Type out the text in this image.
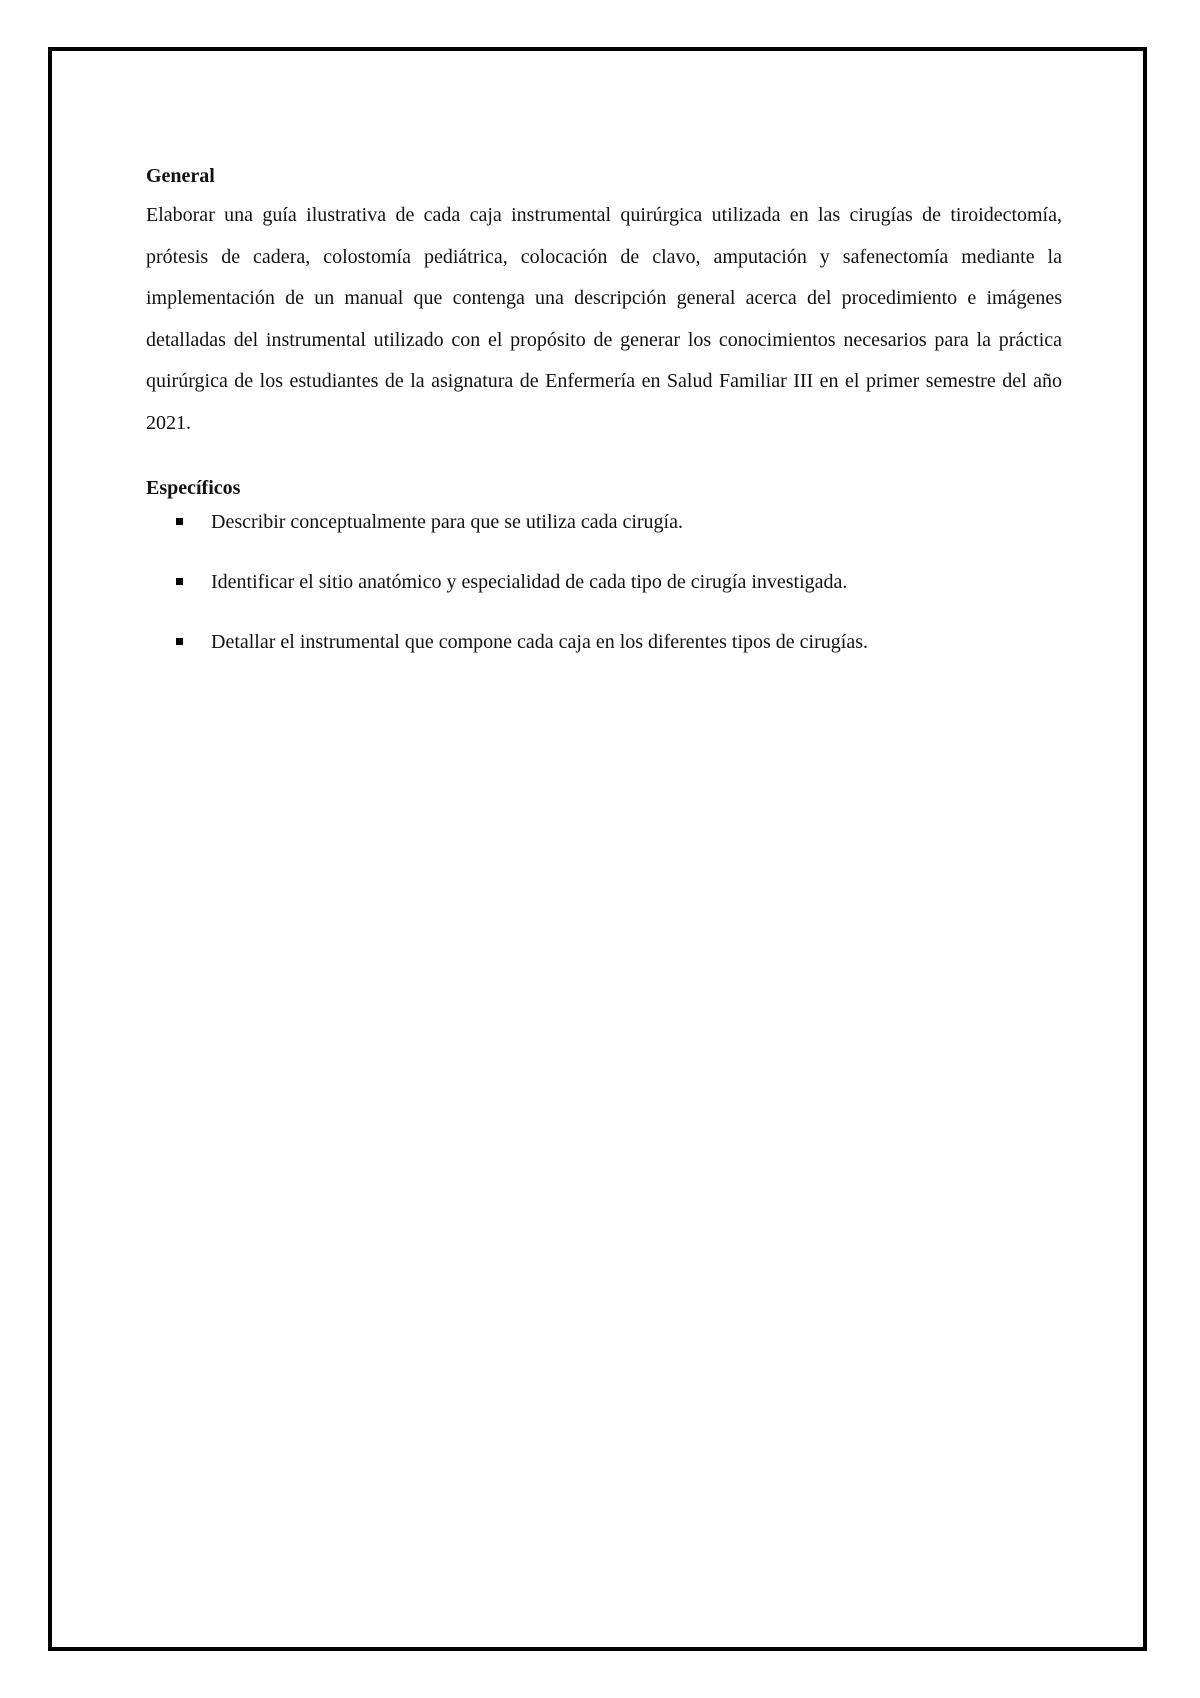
General

Elaborar una guía ilustrativa de cada caja instrumental quirúrgica utilizada en las cirugías de tiroidectomía, prótesis de cadera, colostomía pediátrica, colocación de clavo, amputación y safenectomía mediante la implementación de un manual que contenga una descripción general acerca del procedimiento e imágenes detalladas del instrumental utilizado con el propósito de generar los conocimientos necesarios para la práctica quirúrgica de los estudiantes de la asignatura de Enfermería en Salud Familiar III en el primer semestre del año 2021.

Específicos
Describir conceptualmente para que se utiliza cada cirugía.
Identificar el sitio anatómico y especialidad de cada tipo de cirugía investigada.
Detallar el instrumental que compone cada caja en los diferentes tipos de cirugías.
